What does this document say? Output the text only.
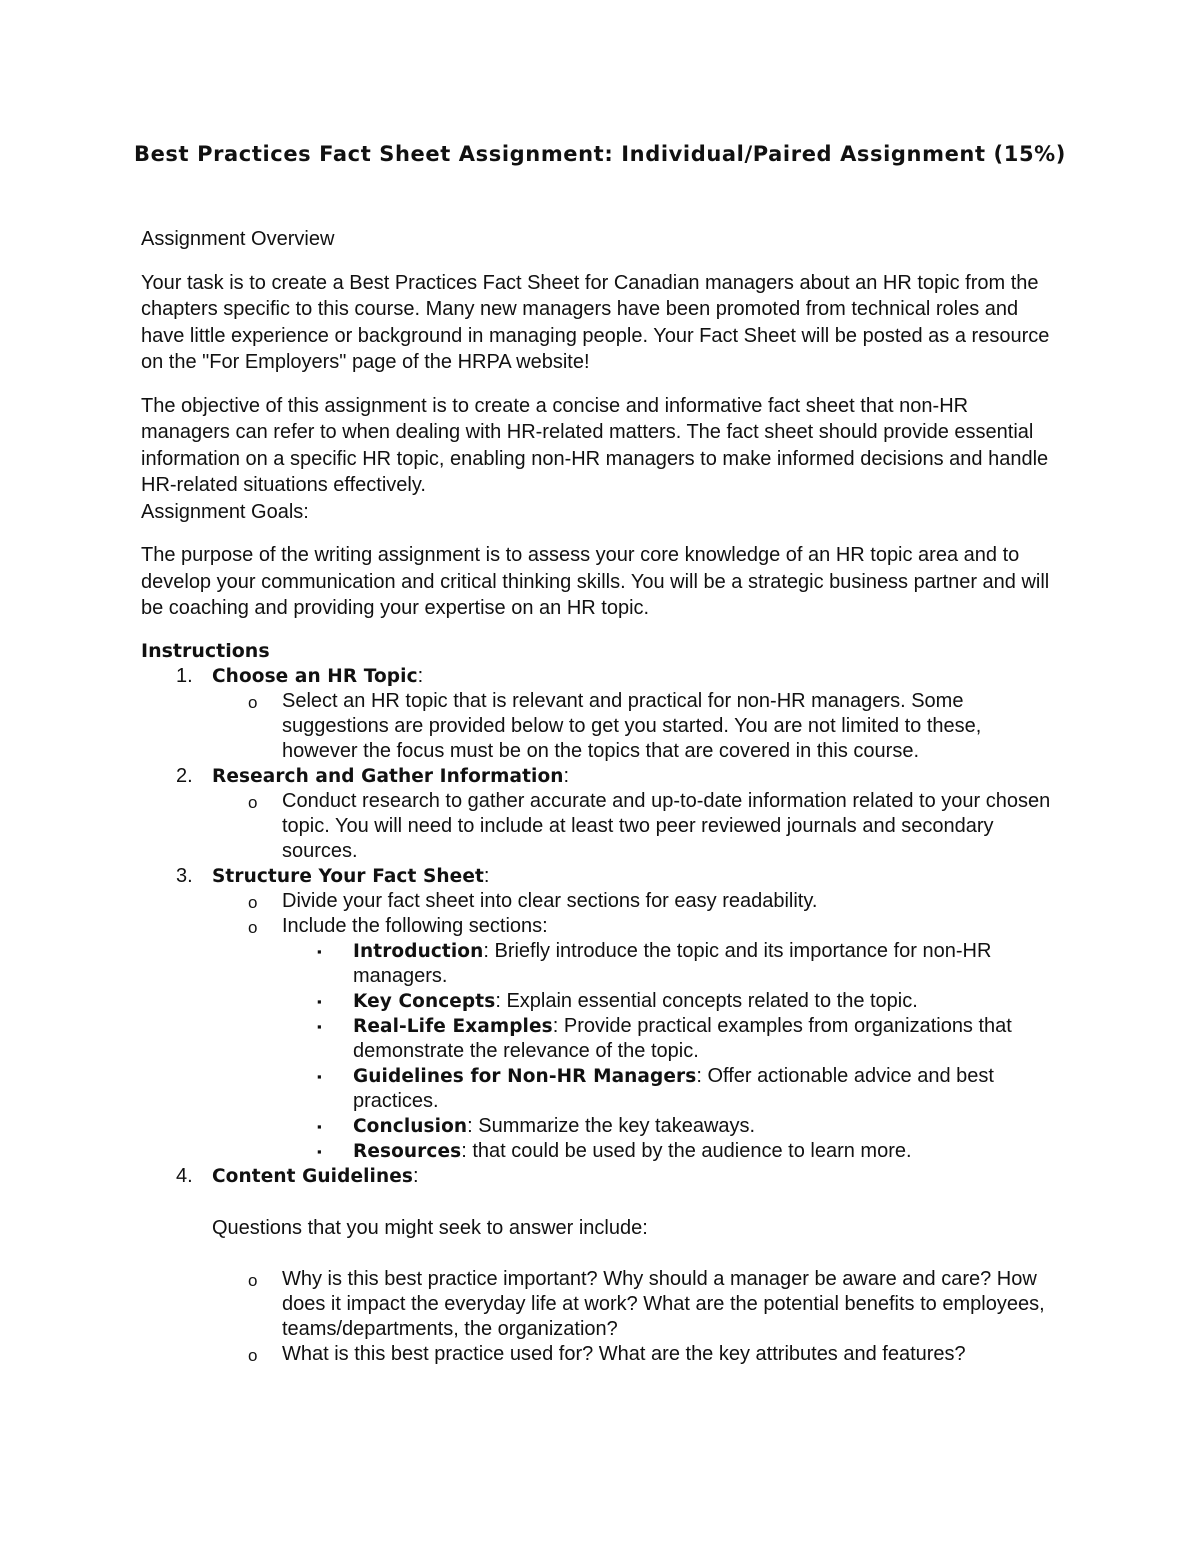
Best Practices Fact Sheet Assignment: Individual/Paired Assignment (15%)

Assignment Overview

Your task is to create a Best Practices Fact Sheet for Canadian managers about an HR topic from the chapters specific to this course. Many new managers have been promoted from technical roles and have little experience or background in managing people. Your Fact Sheet will be posted as a resource on the "For Employers" page of the HRPA website!

The objective of this assignment is to create a concise and informative fact sheet that non-HR managers can refer to when dealing with HR-related matters. The fact sheet should provide essential information on a specific HR topic, enabling non-HR managers to make informed decisions and handle HR-related situations effectively.

Assignment Goals:

The purpose of the writing assignment is to assess your core knowledge of an HR topic area and to develop your communication and critical thinking skills. You will be a strategic business partner and will be coaching and providing your expertise on an HR topic.

Instructions
1. Choose an HR Topic:
o Select an HR topic that is relevant and practical for non-HR managers. Some suggestions are provided below to get you started. You are not limited to these, however the focus must be on the topics that are covered in this course.
2. Research and Gather Information:
o Conduct research to gather accurate and up-to-date information related to your chosen topic. You will need to include at least two peer reviewed journals and secondary sources.
3. Structure Your Fact Sheet:
o Divide your fact sheet into clear sections for easy readability.
o Include the following sections:
▪ Introduction: Briefly introduce the topic and its importance for non-HR managers.
▪ Key Concepts: Explain essential concepts related to the topic.
▪ Real-Life Examples: Provide practical examples from organizations that demonstrate the relevance of the topic.
▪ Guidelines for Non-HR Managers: Offer actionable advice and best practices.
▪ Conclusion: Summarize the key takeaways.
▪ Resources: that could be used by the audience to learn more.
4. Content Guidelines:

Questions that you might seek to answer include:

o Why is this best practice important? Why should a manager be aware and care? How does it impact the everyday life at work? What are the potential benefits to employees, teams/departments, the organization?
o What is this best practice used for? What are the key attributes and features?
